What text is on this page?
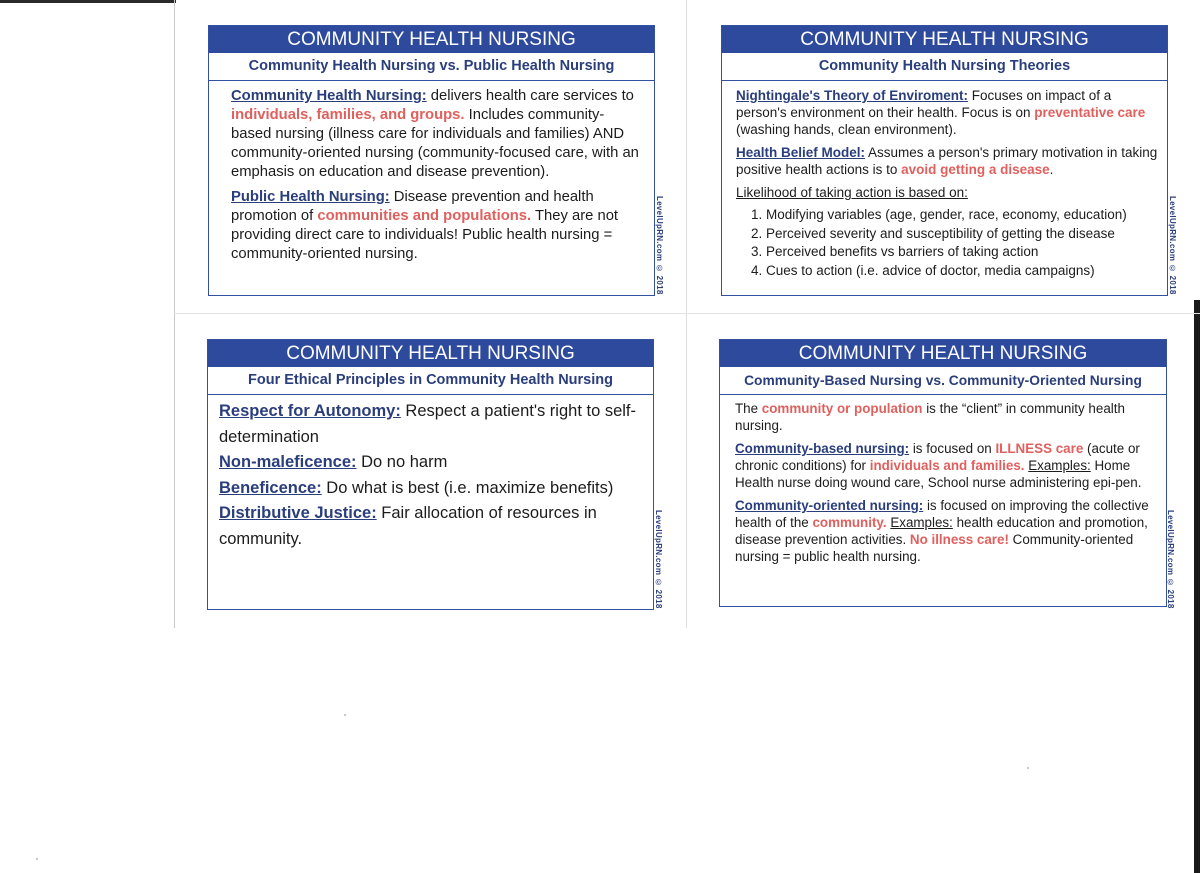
COMMUNITY HEALTH NURSING
Community Health Nursing vs. Public Health Nursing

Community Health Nursing: delivers health care services to individuals, families, and groups. Includes community-based nursing (illness care for individuals and families) AND community-oriented nursing (community-focused care, with an emphasis on education and disease prevention).

Public Health Nursing: Disease prevention and health promotion of communities and populations. They are not providing direct care to individuals! Public health nursing = community-oriented nursing.	LevelUpRN.com © 2018
COMMUNITY HEALTH NURSING
Community Health Nursing Theories

Nightingale's Theory of Enviroment: Focuses on impact of a person's environment on their health. Focus is on preventative care (washing hands, clean environment).

Health Belief Model: Assumes a person's primary motivation in taking positive health actions is to avoid getting a disease.

Likelihood of taking action is based on:

1. Modifying variables (age, gender, race, economy, education)
2. Perceived severity and susceptibility of getting the disease
3. Perceived benefits vs barriers of taking action
4. Cues to action (i.e. advice of doctor, media campaigns)	LevelUpRN.com © 2018
COMMUNITY HEALTH NURSING
Four Ethical Principles in Community Health Nursing

Respect for Autonomy: Respect a patient's right to self-determination

Non-maleficence: Do no harm

Beneficence: Do what is best (i.e. maximize benefits)

Distributive Justice: Fair allocation of resources in community.	LevelUpRN.com © 2018
COMMUNITY HEALTH NURSING
Community-Based Nursing vs. Community-Oriented Nursing

The community or population is the “client” in community health nursing.

Community-based nursing: is focused on ILLNESS care (acute or chronic conditions) for individuals and families. Examples: Home Health nurse doing wound care, School nurse administering epi-pen.

Community-oriented nursing: is focused on improving the collective health of the community. Examples: health education and promotion, disease prevention activities. No illness care! Community-oriented nursing = public health nursing.	LevelUpRN.com © 2018
